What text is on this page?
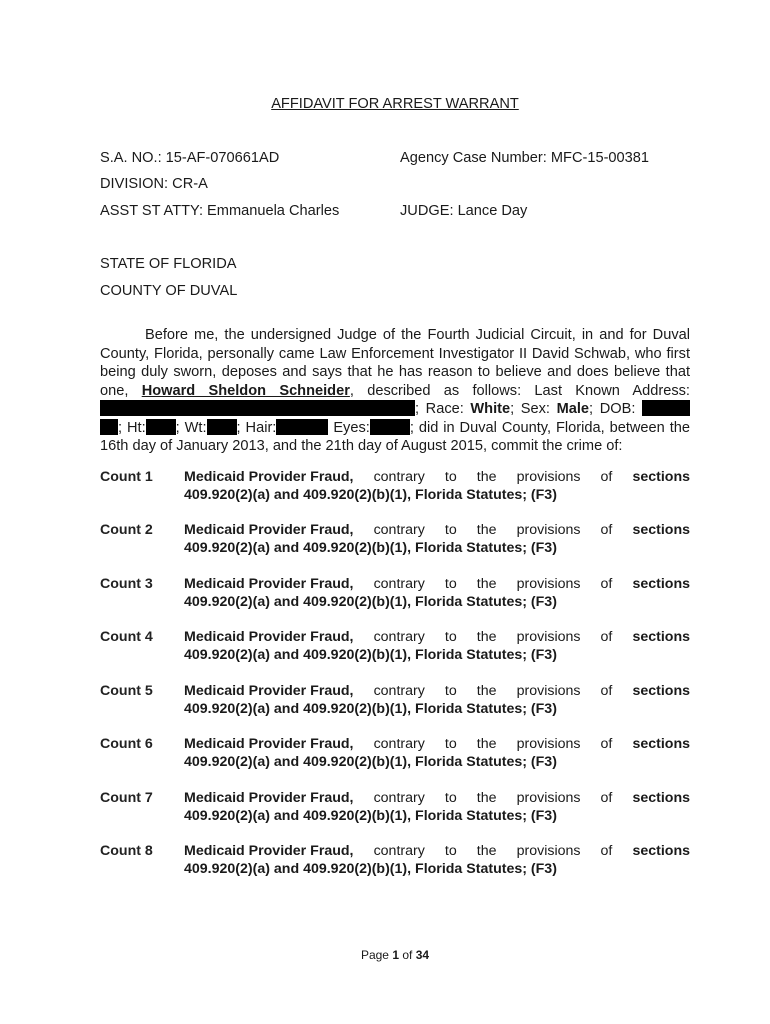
AFFIDAVIT FOR ARREST WARRANT
S.A. NO.: 15-AF-070661AD	Agency Case Number: MFC-15-00381
DIVISION: CR-A
ASST ST ATTY: Emmanuela Charles	JUDGE: Lance Day
STATE OF FLORIDA
COUNTY OF DUVAL
Before me, the undersigned Judge of the Fourth Judicial Circuit, in and for Duval County, Florida, personally came Law Enforcement Investigator II David Schwab, who first being duly sworn, deposes and says that he has reason to believe and does believe that one, Howard Sheldon Schneider, described as follows: Last Known Address: ; Race: White; Sex: Male; DOB:  ; Ht: ; Wt: ; Hair:	Eyes:	; did in Duval County, Florida, between the 16th day of January 2013, and the 21th day of August 2015, commit the crime of:
Count 1 Medicaid Provider Fraud, contrary to the provisions of sections
409.920(2)(a) and 409.920(2)(b)(1), Florida Statutes; (F3)
Count 2 Medicaid Provider Fraud, contrary to the provisions of sections
409.920(2)(a) and 409.920(2)(b)(1), Florida Statutes; (F3)
Count 3 Medicaid Provider Fraud, contrary to the provisions of sections
409.920(2)(a) and 409.920(2)(b)(1), Florida Statutes; (F3)
Count 4 Medicaid Provider Fraud, contrary to the provisions of sections
409.920(2)(a) and 409.920(2)(b)(1), Florida Statutes; (F3)
Count 5 Medicaid Provider Fraud, contrary to the provisions of sections
409.920(2)(a) and 409.920(2)(b)(1), Florida Statutes; (F3)
Count 6 Medicaid Provider Fraud, contrary to the provisions of sections
409.920(2)(a) and 409.920(2)(b)(1), Florida Statutes; (F3)
Count 7 Medicaid Provider Fraud, contrary to the provisions of sections
409.920(2)(a) and 409.920(2)(b)(1), Florida Statutes; (F3)
Count 8 Medicaid Provider Fraud, contrary to the provisions of sections
409.920(2)(a) and 409.920(2)(b)(1), Florida Statutes; (F3)
Page 1 of 34
